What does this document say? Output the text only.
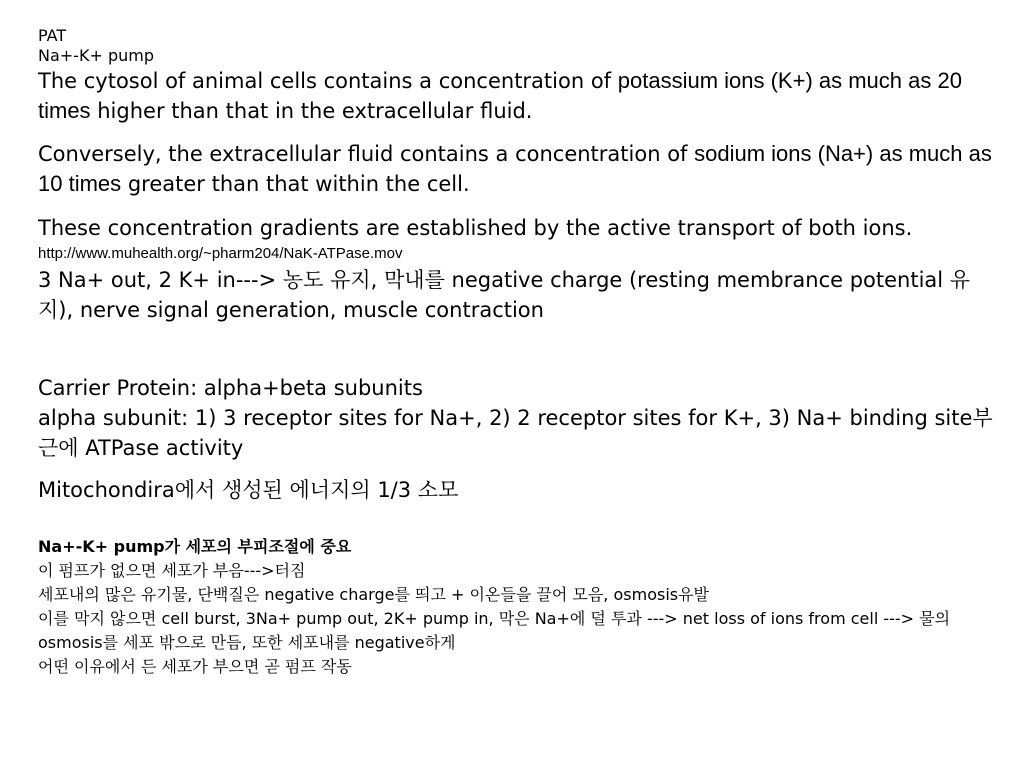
PAT

Na+-K+ pump

The cytosol of animal cells contains a concentration of potassium ions (K+) as much as 20 times higher than that in the extracellular fluid.

Conversely, the extracellular fluid contains a concentration of sodium ions (Na+) as much as 10 times greater than that within the cell.

These concentration gradients are established by the active transport of both ions.

http://www.muhealth.org/~pharm204/NaK-ATPase.mov

3 Na+ out, 2 K+ in---> 농도 유지, 막내를 negative charge (resting membrance potential 유지), nerve signal generation, muscle contraction

Carrier Protein: alpha+beta subunits

alpha subunit: 1) 3 receptor sites for Na+, 2) 2 receptor sites for K+, 3) Na+ binding site부근에 ATPase activity

Mitochondira에서 생성된 에너지의 1/3 소모

Na+-K+ pump가 세포의 부피조절에 중요

이 펌프가 없으면 세포가 부음--->터짐

세포내의 많은 유기물, 단백질은 negative charge를 띄고 + 이온들을 끌어 모음, osmosis유발

이를 막지 않으면 cell burst, 3Na+ pump out, 2K+ pump in, 막은 Na+에 덜 투과 ---> net loss of ions from cell ---> 물의 osmosis를 세포 밖으로 만듬, 또한 세포내를 negative하게

어떤 이유에서 든 세포가 부으면 곧 펌프 작동
